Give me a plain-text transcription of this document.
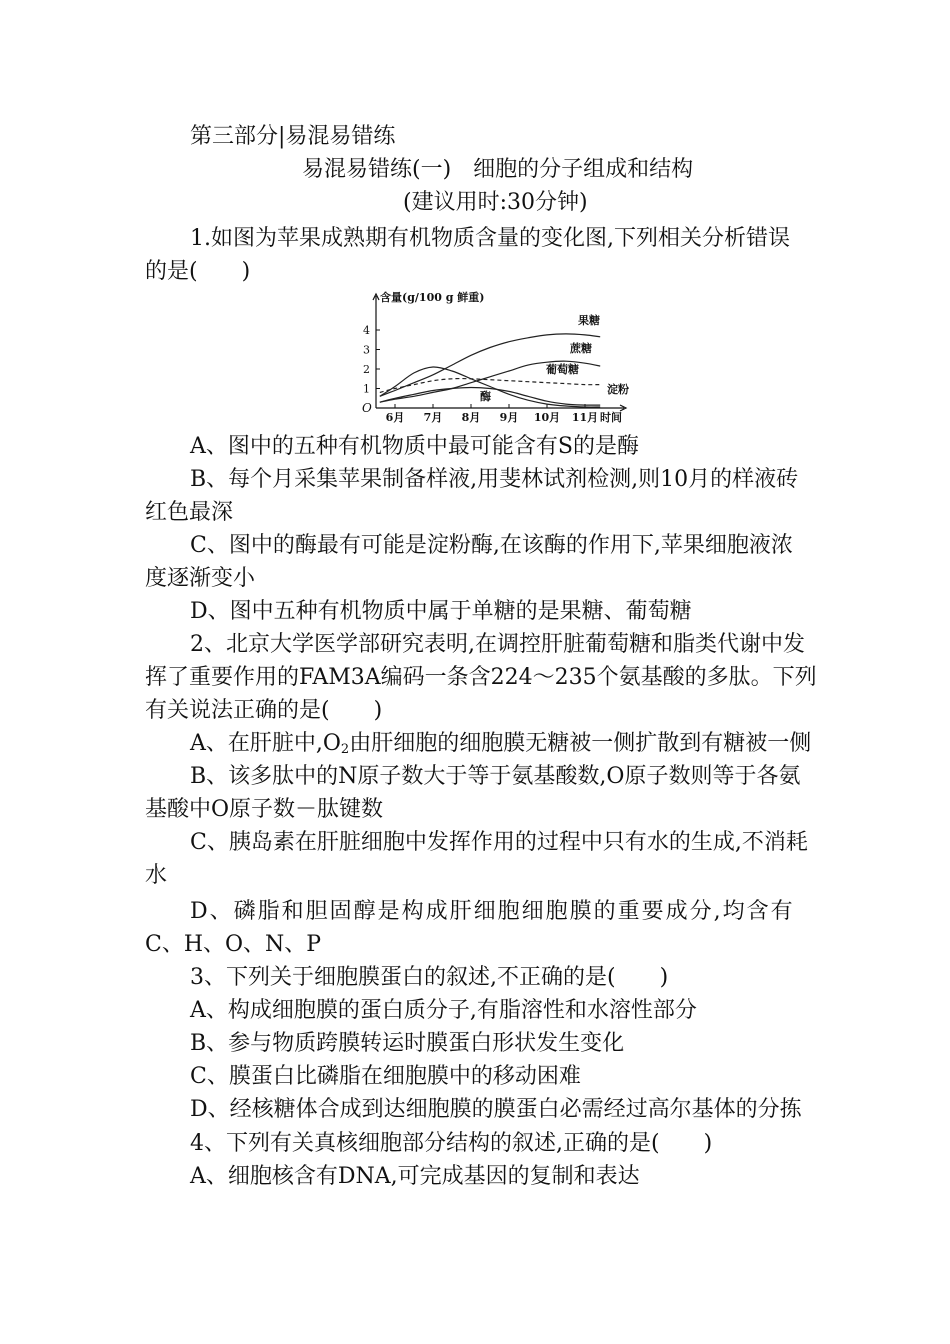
第三部分|易混易错练
易混易错练(一)　细胞的分子组成和结构
(建议用时:30分钟)
1.如图为苹果成熟期有机物质含量的变化图,下列相关分析错误
的是(　　)
含量(g/100 g 鲜重)
O
1
2
3
4
6月 7月 8月 9月 10月 11月 时间
果糖
蔗糖
葡萄糖
淀粉
酶
A、图中的五种有机物质中最可能含有S的是酶
B、每个月采集苹果制备样液,用斐林试剂检测,则10月的样液砖
红色最深
C、图中的酶最有可能是淀粉酶,在该酶的作用下,苹果细胞液浓
度逐渐变小
D、图中五种有机物质中属于单糖的是果糖、葡萄糖
2、北京大学医学部研究表明,在调控肝脏葡萄糖和脂类代谢中发
挥了重要作用的FAM3A编码一条含224～235个氨基酸的多肽。下列
有关说法正确的是(　　)
A、在肝脏中$,O_2$由肝细胞的细胞膜无糖被一侧扩散到有糖被一侧
B、该多肽中的N原子数大于等于氨基酸数,O原子数则等于各氨
基酸中O原子数－肽键数
C、胰岛素在肝脏细胞中发挥作用的过程中只有水的生成,不消耗
水
D、磷脂和胆固醇是构成肝细胞细胞膜的重要成分,均含有
C、H、O、N、P
3、下列关于细胞膜蛋白的叙述,不正确的是(　　)
A、构成细胞膜的蛋白质分子,有脂溶性和水溶性部分
B、参与物质跨膜转运时膜蛋白形状发生变化
C、膜蛋白比磷脂在细胞膜中的移动困难
D、经核糖体合成到达细胞膜的膜蛋白必需经过高尔基体的分拣
4、下列有关真核细胞部分结构的叙述,正确的是(　　)
A、细胞核含有DNA,可完成基因的复制和表达
